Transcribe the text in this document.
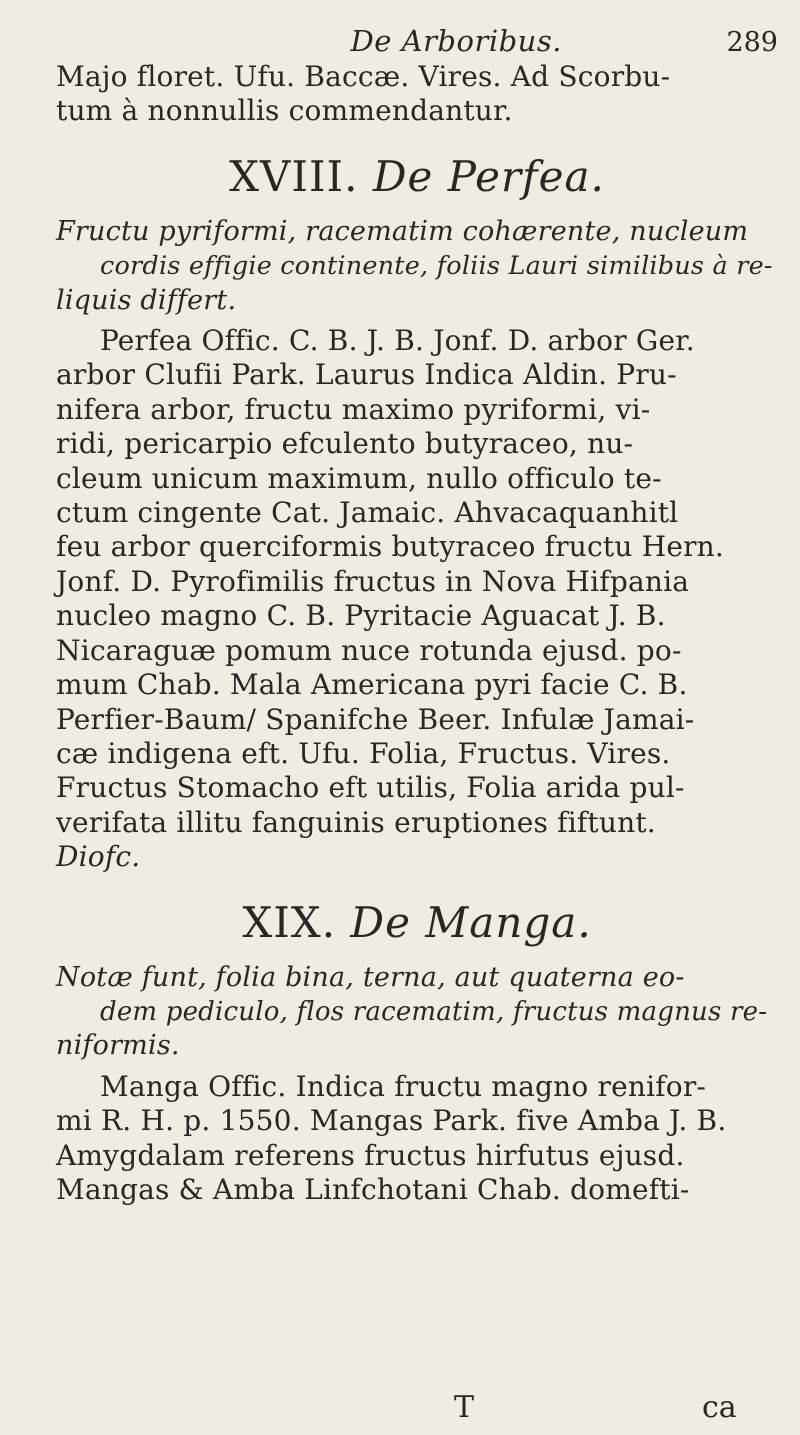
De Arboribus.	289
Majo floret. Ufu. Baccæ. Vires. Ad Scorbu-
tum à nonnullis commendantur.
XVIII. De Perfea.
Fructu pyriformi, racematim cohærente, nucleum
cordis effigie continente, foliis Lauri similibus à re-
liquis differt.
Perfea Offic. C. B. J. B. Jonf. D. arbor Ger.
arbor Clufii Park. Laurus Indica Aldin. Pru-
nifera arbor, fructu maximo pyriformi, vi-
ridi, pericarpio efculento butyraceo, nu-
cleum unicum maximum, nullo officulo te-
ctum cingente Cat. Jamaic. Ahvacaquanhitl
feu arbor querciformis butyraceo fructu Hern.
Jonf. D. Pyrofimilis fructus in Nova Hifpania
nucleo magno C. B. Pyritacie Aguacat J. B.
Nicaraguæ pomum nuce rotunda ejusd. po-
mum Chab. Mala Americana pyri facie C. B.
Perfier-Baum/ Spanifche Beer. Infulæ Jamai-
cæ indigena eft. Ufu. Folia, Fructus. Vires.
Fructus Stomacho eft utilis, Folia arida pul-
verifata illitu fanguinis eruptiones fiftunt.
Diofc.
XIX. De Manga.
Notæ funt, folia bina, terna, aut quaterna eo-
dem pediculo, flos racematim, fructus magnus re-
niformis.
Manga Offic. Indica fructu magno renifor-
mi R. H. p. 1550. Mangas Park. five Amba J. B.
Amygdalam referens fructus hirfutus ejusd.
Mangas & Amba Linfchotani Chab. domefti-
T	ca
